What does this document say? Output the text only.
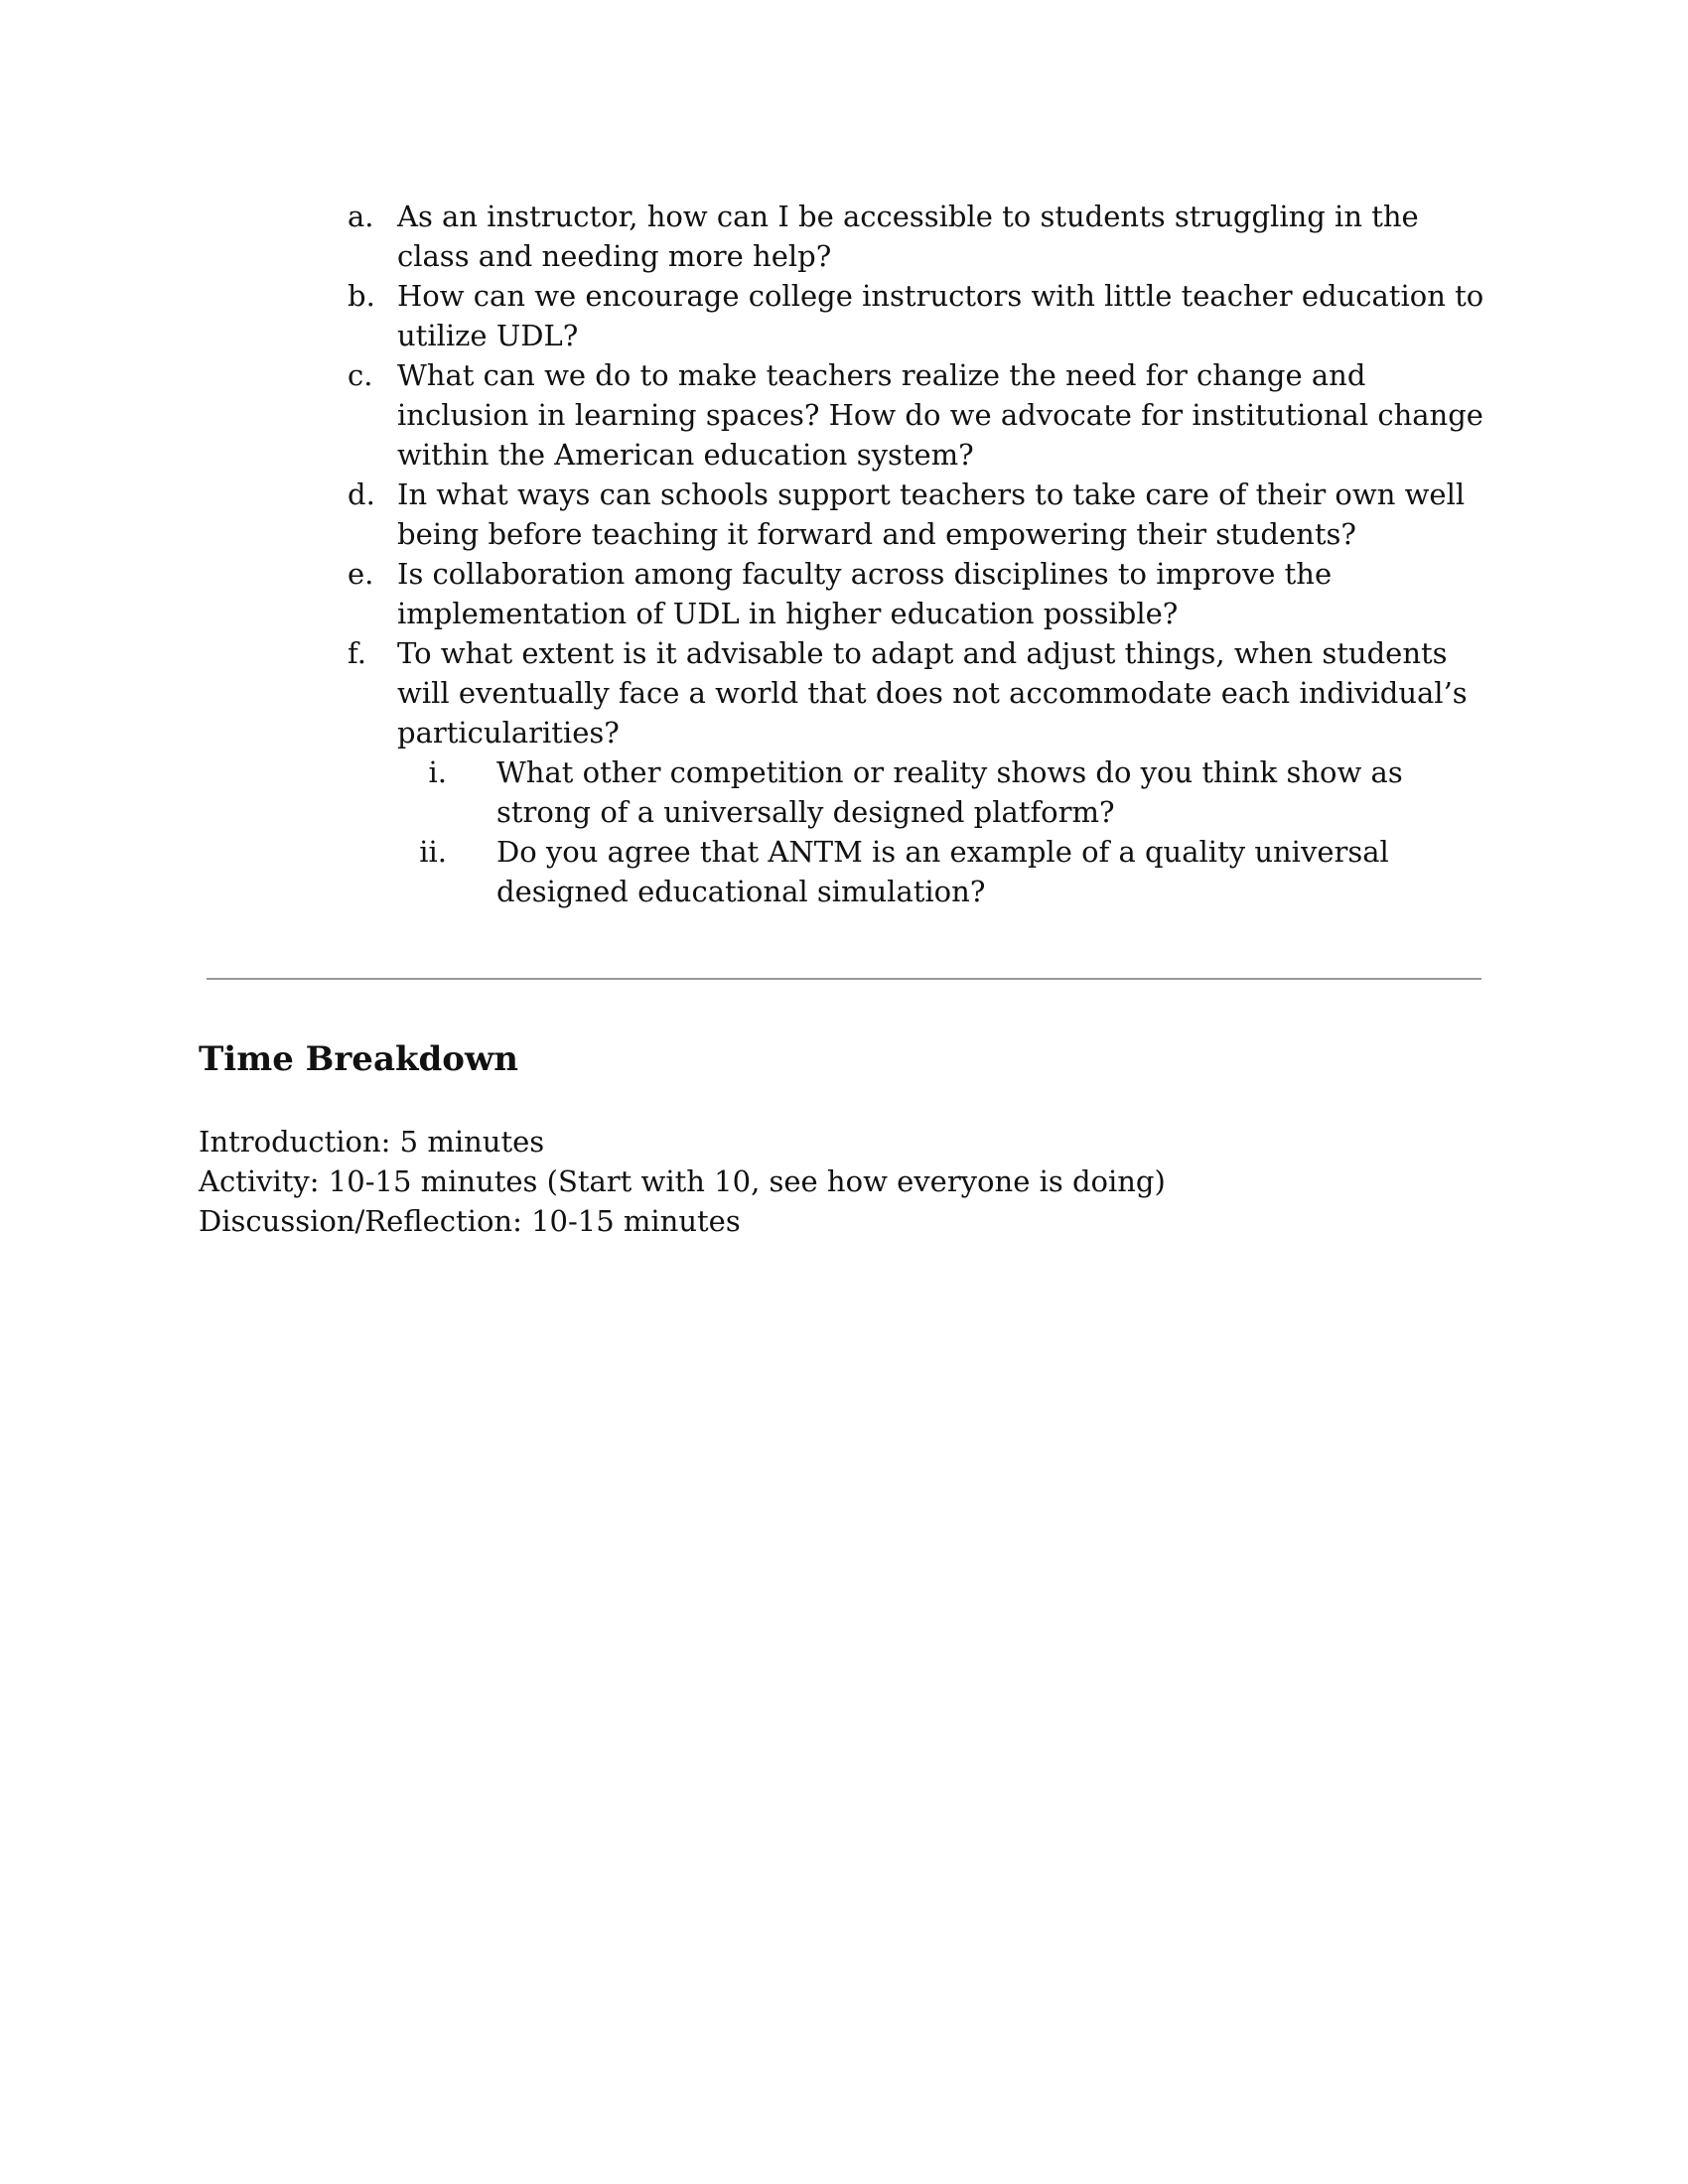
a. As an instructor, how can I be accessible to students struggling in the class and needing more help?
b. How can we encourage college instructors with little teacher education to utilize UDL?
c. What can we do to make teachers realize the need for change and inclusion in learning spaces? How do we advocate for institutional change within the American education system?
d. In what ways can schools support teachers to take care of their own well being before teaching it forward and empowering their students?
e. Is collaboration among faculty across disciplines to improve the implementation of UDL in higher education possible?
f.	To what extent is it advisable to adapt and adjust things, when students will eventually face a world that does not accommodate each individual’s particularities?
i. What other competition or reality shows do you think show as strong of a universally designed platform?
ii. Do you agree that ANTM is an example of a quality universal designed educational simulation?
Time Breakdown
Introduction: 5 minutes
Activity: 10-15 minutes (Start with 10, see how everyone is doing)
Discussion/Reflection: 10-15 minutes
